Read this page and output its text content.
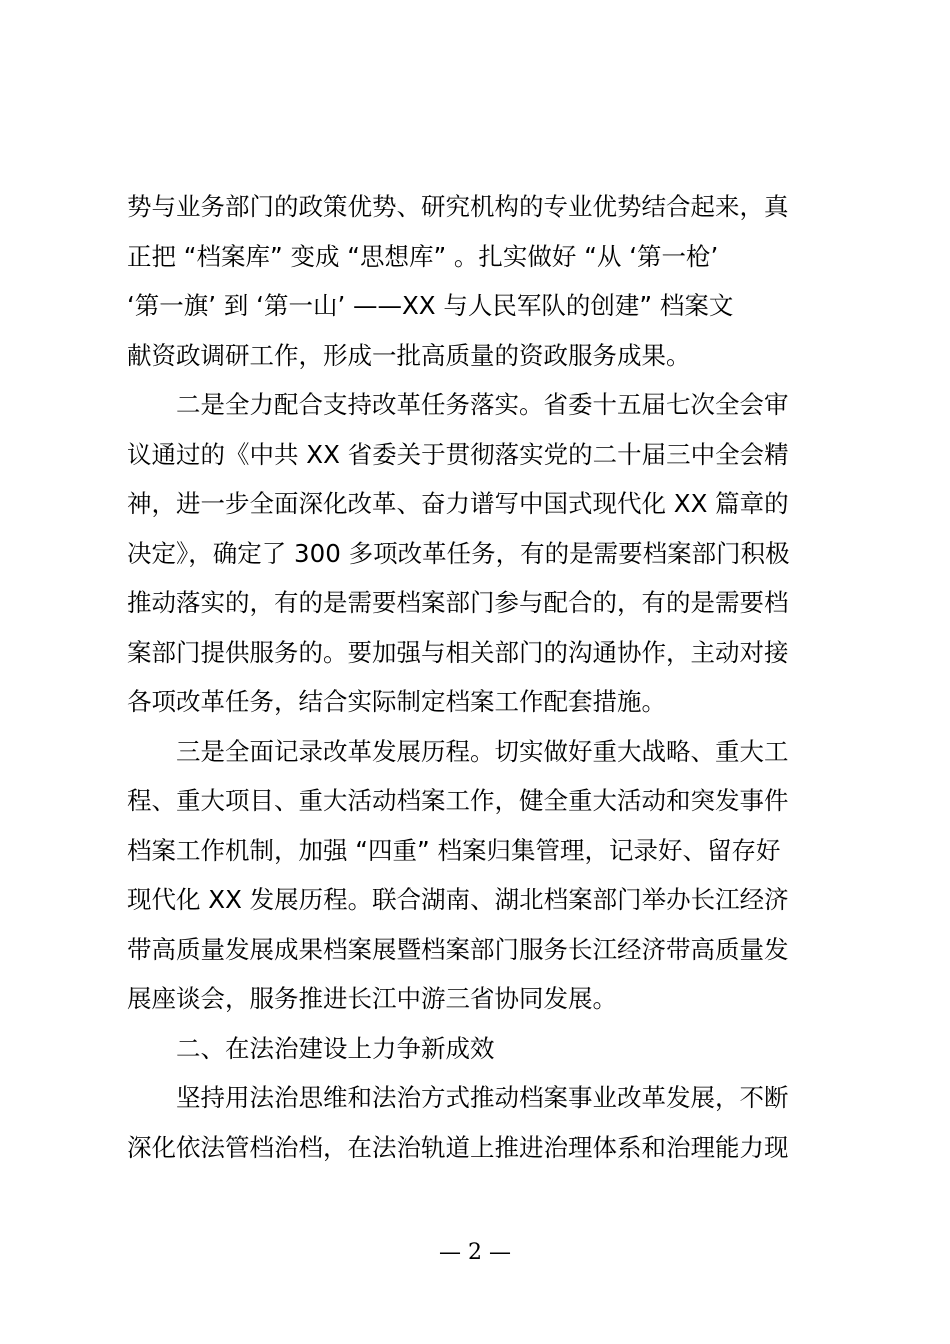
势与业务部门的政策优势、研究机构的专业优势结合起来，真
正把 “档案库” 变成 “思想库” 。扎实做好 “从 ‘第一枪’
‘第一旗’ 到 ‘第一山’ ——XX 与人民军队的创建” 档案文
献资政调研工作，形成一批高质量的资政服务成果。
二是全力配合支持改革任务落实。省委十五届七次全会审
议通过的《中共 XX 省委关于贯彻落实党的二十届三中全会精
神，进一步全面深化改革、奋力谱写中国式现代化 XX 篇章的
决定》，确定了 300 多项改革任务，有的是需要档案部门积极
推动落实的，有的是需要档案部门参与配合的，有的是需要档
案部门提供服务的。要加强与相关部门的沟通协作，主动对接
各项改革任务，结合实际制定档案工作配套措施。
三是全面记录改革发展历程。切实做好重大战略、重大工
程、重大项目、重大活动档案工作，健全重大活动和突发事件
档案工作机制，加强 “四重” 档案归集管理，记录好、留存好
现代化 XX 发展历程。联合湖南、湖北档案部门举办长江经济
带高质量发展成果档案展暨档案部门服务长江经济带高质量发
展座谈会，服务推进长江中游三省协同发展。
二、在法治建设上力争新成效
坚持用法治思维和法治方式推动档案事业改革发展，不断
深化依法管档治档，在法治轨道上推进治理体系和治理能力现
— 2 —
